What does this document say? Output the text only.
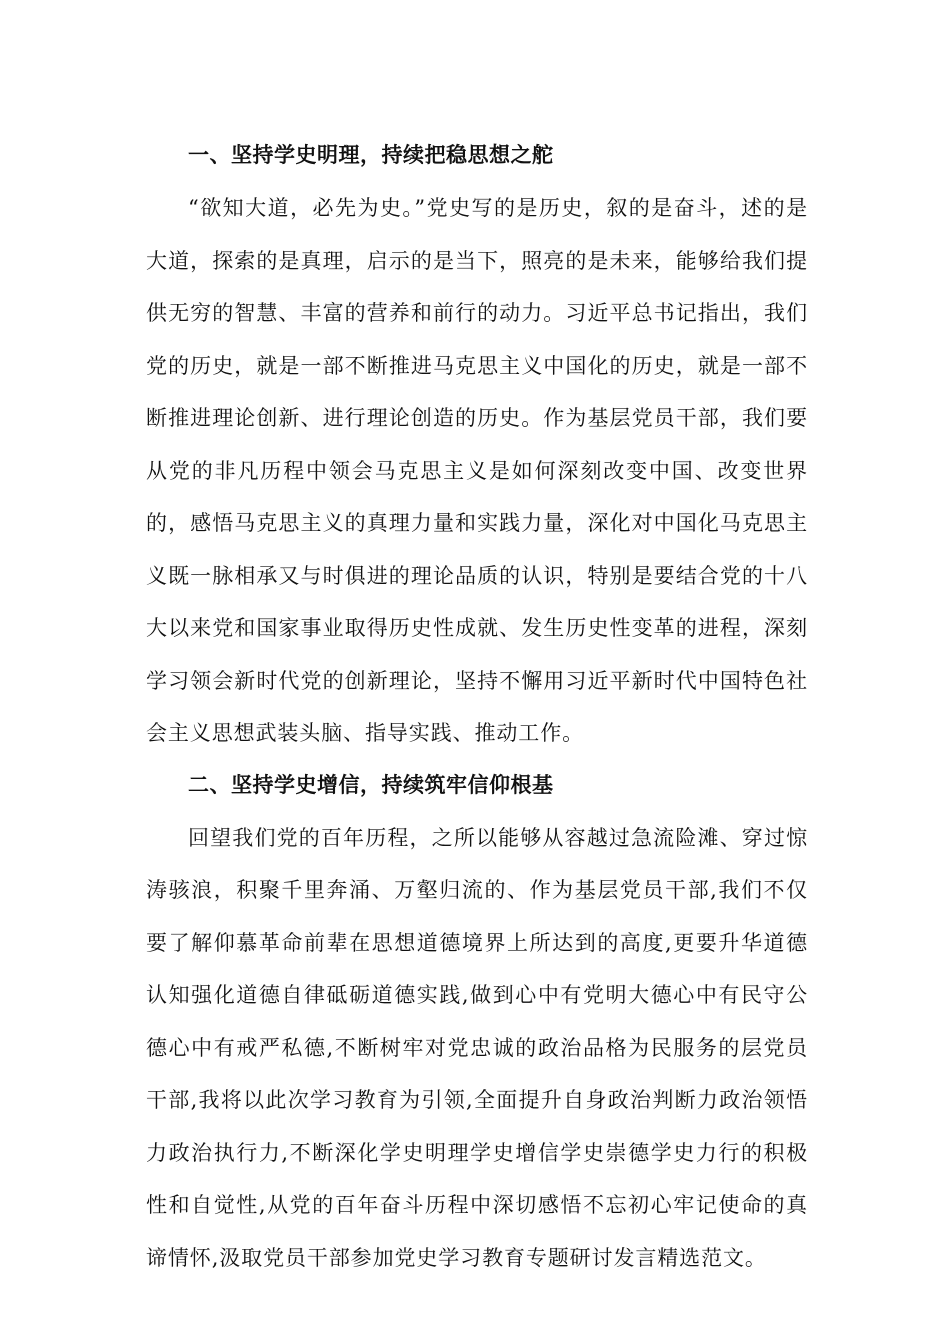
一、坚持学史明理，持续把稳思想之舵

“欲知大道，必先为史。”党史写的是历史，叙的是奋斗，述的是大道，探索的是真理，启示的是当下，照亮的是未来，能够给我们提供无穷的智慧、丰富的营养和前行的动力。习近平总书记指出，我们党的历史，就是一部不断推进马克思主义中国化的历史，就是一部不断推进理论创新、进行理论创造的历史。作为基层党员干部，我们要从党的非凡历程中领会马克思主义是如何深刻改变中国、改变世界的，感悟马克思主义的真理力量和实践力量，深化对中国化马克思主义既一脉相承又与时俱进的理论品质的认识，特别是要结合党的十八大以来党和国家事业取得历史性成就、发生历史性变革的进程，深刻学习领会新时代党的创新理论，坚持不懈用习近平新时代中国特色社会主义思想武装头脑、指导实践、推动工作。

二、坚持学史增信，持续筑牢信仰根基

回望我们党的百年历程，之所以能够从容越过急流险滩、穿过惊涛骇浪，积聚千里奔涌、万壑归流的、作为基层党员干部,我们不仅要了解仰慕革命前辈在思想道德境界上所达到的高度,更要升华道德认知强化道德自律砥砺道德实践,做到心中有党明大德心中有民守公德心中有戒严私德,不断树牢对党忠诚的政治品格为民服务的层党员干部,我将以此次学习教育为引领,全面提升自身政治判断力政治领悟力政治执行力,不断深化学史明理学史增信学史崇德学史力行的积极性和自觉性,从党的百年奋斗历程中深切感悟不忘初心牢记使命的真谛情怀,汲取党员干部参加党史学习教育专题研讨发言精选范文。
